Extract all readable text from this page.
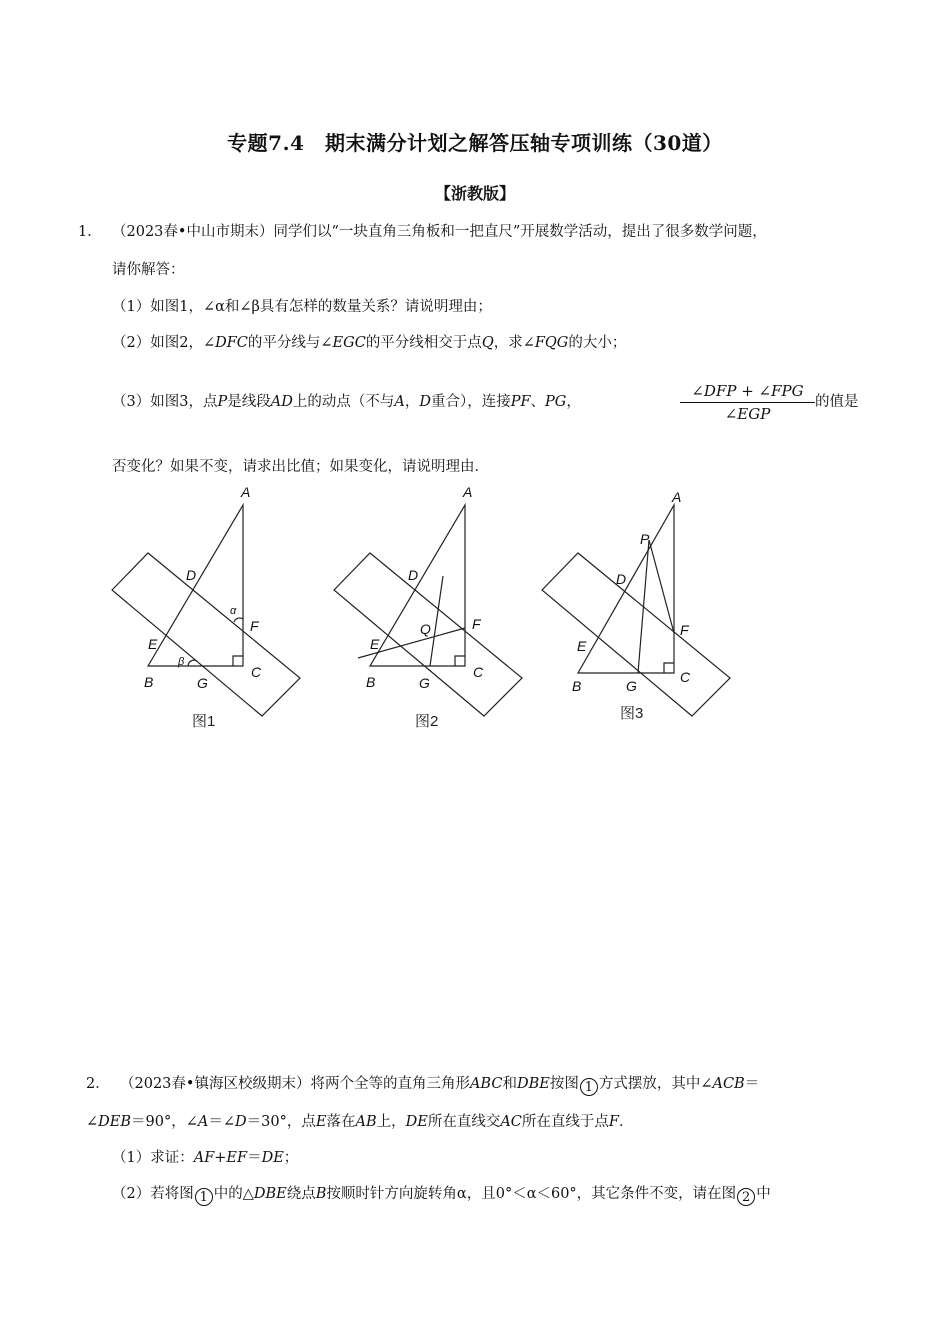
专题7.4　期末满分计划之解答压轴专项训练（30道）
【浙教版】
1． （2023春•中山市期末）同学们以“一块直角三角板和一把直尺”开展数学活动，提出了很多数学问题，
请你解答：
（1）如图1，∠α和∠β具有怎样的数量关系？请说明理由；
（2）如图2，∠DFC的平分线与∠EGC的平分线相交于点Q，求∠FQG的大小；
（3）如图3，点P是线段AD上的动点（不与A，D重合），连接PF、PG，
∠DFP + ∠FPG
∠EGP
的值是
否变化？如果不变，请求出比值；如果变化，请说明理由．
A
D
α
F
E
β
B	G
C
A
D
Q	F
E
B	G
C
A
P
D
F
E
B	G
C
图1	图2	图3
2． （2023春•镇海区校级期末）将两个全等的直角三角形ABC和DBE按图 1 方式摆放，其中∠ACB＝
∠DEB＝90°，∠A＝∠D＝30°，点E落在AB上，DE所在直线交AC所在直线于点F．
（1）求证：AF+EF＝DE；
（2）若将图 1 中的△DBE绕点B按顺时针方向旋转角α，且0°＜α＜60°，其它条件不变，请在图 2 中
